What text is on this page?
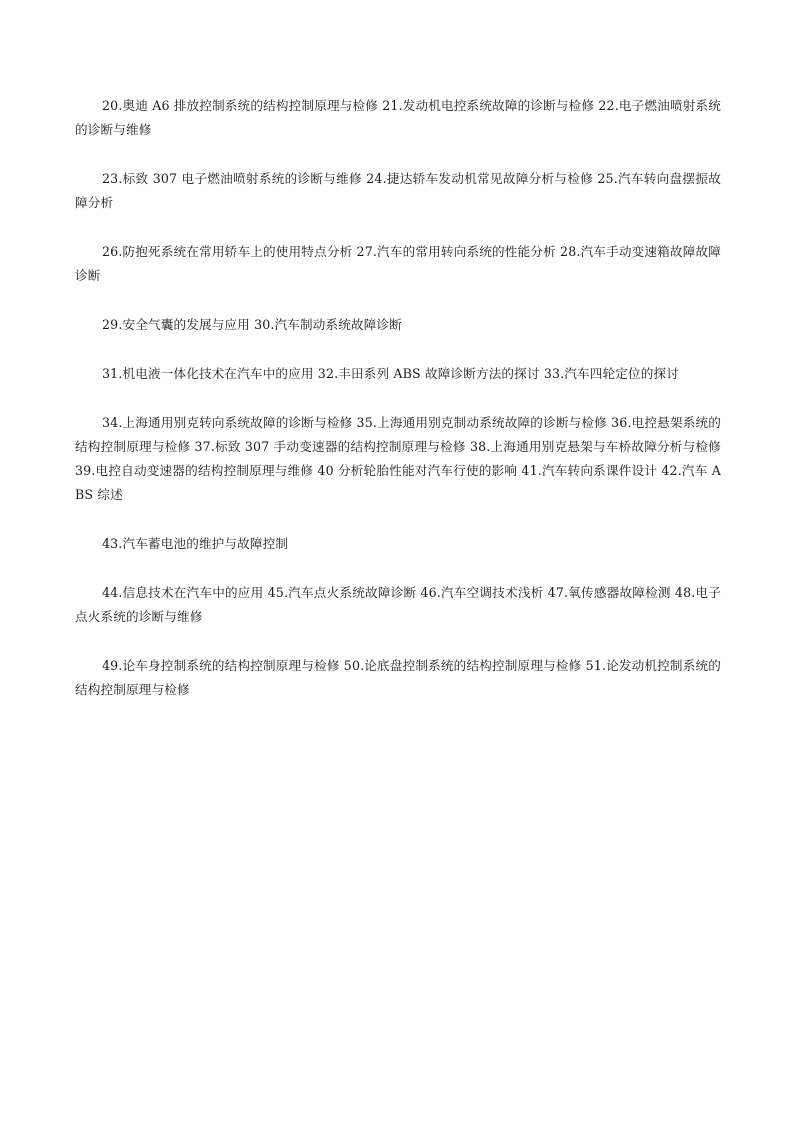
20.奥迪 A6 排放控制系统的结构控制原理与检修 21.发动机电控系统故障的诊断与检修 22.电子燃油喷射系统的诊断与维修

23.标致 307 电子燃油喷射系统的诊断与维修 24.捷达轿车发动机常见故障分析与检修 25.汽车转向盘摆振故障分析

26.防抱死系统在常用轿车上的使用特点分析 27.汽车的常用转向系统的性能分析 28.汽车手动变速箱故障故障诊断

29.安全气囊的发展与应用 30.汽车制动系统故障诊断

31.机电液一体化技术在汽车中的应用 32.丰田系列 ABS 故障诊断方法的探讨 33.汽车四轮定位的探讨

34.上海通用别克转向系统故障的诊断与检修 35.上海通用别克制动系统故障的诊断与检修 36.电控悬架系统的结构控制原理与检修 37.标致 307 手动变速器的结构控制原理与检修 38.上海通用别克悬架与车桥故障分析与检修 39.电控自动变速器的结构控制原理与维修 40 分析轮胎性能对汽车行使的影响 41.汽车转向系课件设计 42.汽车 ABS 综述

43.汽车蓄电池的维护与故障控制

44.信息技术在汽车中的应用 45.汽车点火系统故障诊断 46.汽车空调技术浅析 47.氧传感器故障检测 48.电子点火系统的诊断与维修

49.论车身控制系统的结构控制原理与检修 50.论底盘控制系统的结构控制原理与检修 51.论发动机控制系统的结构控制原理与检修
